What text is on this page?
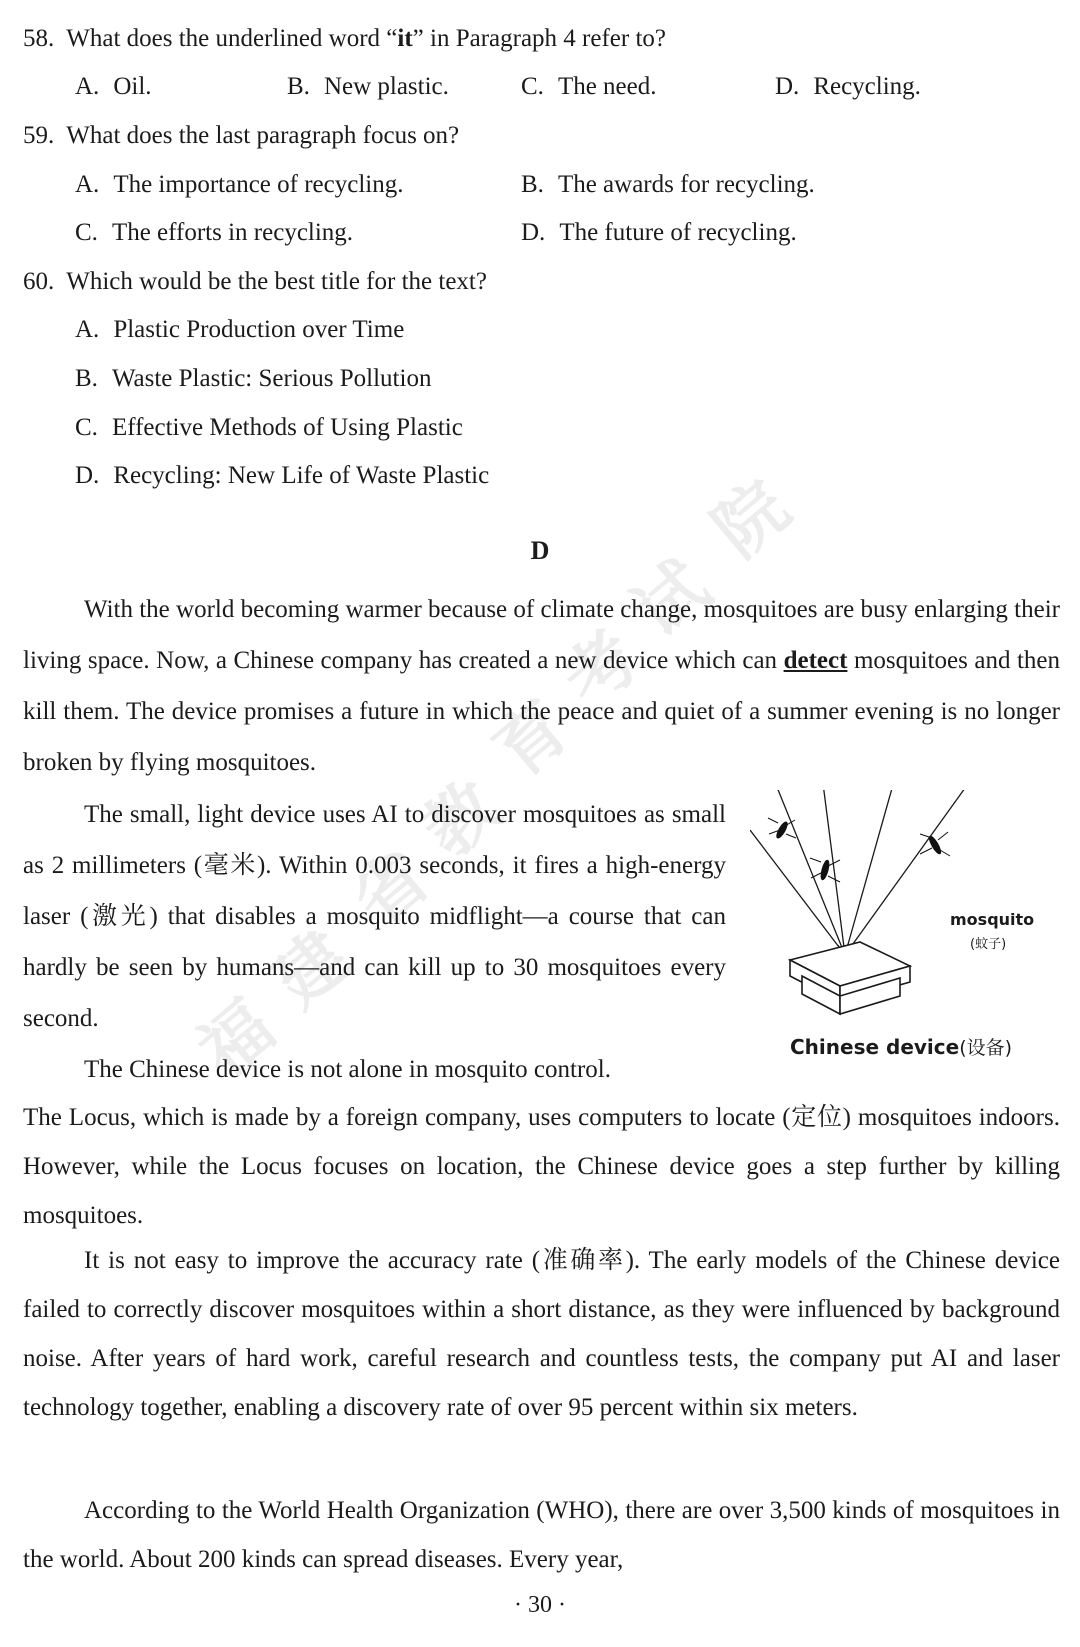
58. What does the underlined word “it” in Paragraph 4 refer to?
A. Oil.	B. New plastic.	C. The need.	D. Recycling.
59. What does the last paragraph focus on?
A. The importance of recycling.	B. The awards for recycling.
C. The efforts in recycling.	D. The future of recycling.
60. Which would be the best title for the text?
A. Plastic Production over Time
B. Waste Plastic: Serious Pollution
C. Effective Methods of Using Plastic
D. Recycling: New Life of Waste Plastic
D
With the world becoming warmer because of climate change, mosquitoes are busy enlarging their living space. Now, a Chinese company has created a new device which can detect mosquitoes and then kill them. The device promises a future in which the peace and quiet of a summer evening is no longer broken by flying mosquitoes.
The small, light device uses AI to discover mosquitoes as small as 2 millimeters (毫米). Within 0.003 seconds, it fires a high-energy laser (激光) that disables a mosquito midflight—a course that can hardly be seen by humans—and can kill up to 30 mosquitoes every second.
The Chinese device is not alone in mosquito control.
The Locus, which is made by a foreign company, uses computers to locate (定位) mosquitoes indoors. However, while the Locus focuses on location, the Chinese device goes a step further by killing mosquitoes.
It is not easy to improve the accuracy rate (准确率). The early models of the Chinese device failed to correctly discover mosquitoes within a short distance, as they were influenced by background noise. After years of hard work, careful research and countless tests, the company put AI and laser technology together, enabling a discovery rate of over 95 percent within six meters.
According to the World Health Organization (WHO), there are over 3,500 kinds of mosquitoes in the world. About 200 kinds can spread diseases. Every year,
mosquito
(蚊子)
Chinese device(设备)
院
试
考
育
教
省
建
福
· 30 ·
